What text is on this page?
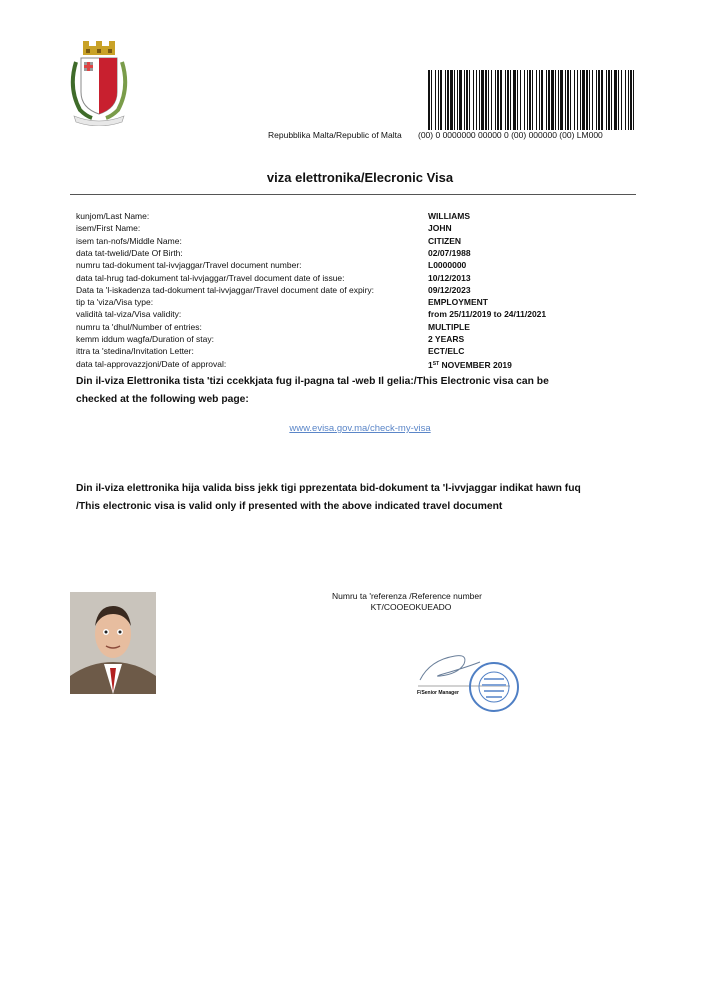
Repubblika Malta/Republic of Malta (00) 0 0000000 00000 0 (00) 000000 (00) LM000
viza elettronika/Elecronic Visa
kunjom/Last Name:	WILLIAMS
isem/First Name:	JOHN
isem tan-nofs/Middle Name:	CITIZEN
data tat-twelid/Date Of Birth:	02/07/1988
numru tad-dokument tal-ivvjaggar/Travel document number:	L0000000
data tal-hrug tad-dokument tal-ivvjaggar/Travel document date of issue:	10/12/2013
Data ta 'l-iskadenza tad-dokument tal-ivvjaggar/Travel document date of expiry:	09/12/2023
tip ta 'viza/Visa type:	EMPLOYMENT
validità tal-viza/Visa validity:	from 25/11/2019 to 24/11/2021
numru ta 'dhul/Number of entries:	MULTIPLE
kemm iddum wagfa/Duration of stay:	2 YEARS
ittra ta 'stedina/Invitation Letter:	ECT/ELC
data tal-approvazzjoni/Date of approval:	1ST NOVEMBER 2019
Din il-viza Elettronika tista 'tizi ccekkjata fug il-pagna tal -web Il gelia:/This Electronic visa can be checked at the following web page:
www.evisa.gov.ma/check-my-visa
Din il-viza elettronika hija valida biss jekk tigi pprezentata bid-dokument ta 'l-ivvjaggar indikat hawn fuq /This electronic visa is valid only if presented with the above indicated travel document
Numru ta 'referenza /Reference number
KT/COOEOKUEADO
F/Senior Manager
